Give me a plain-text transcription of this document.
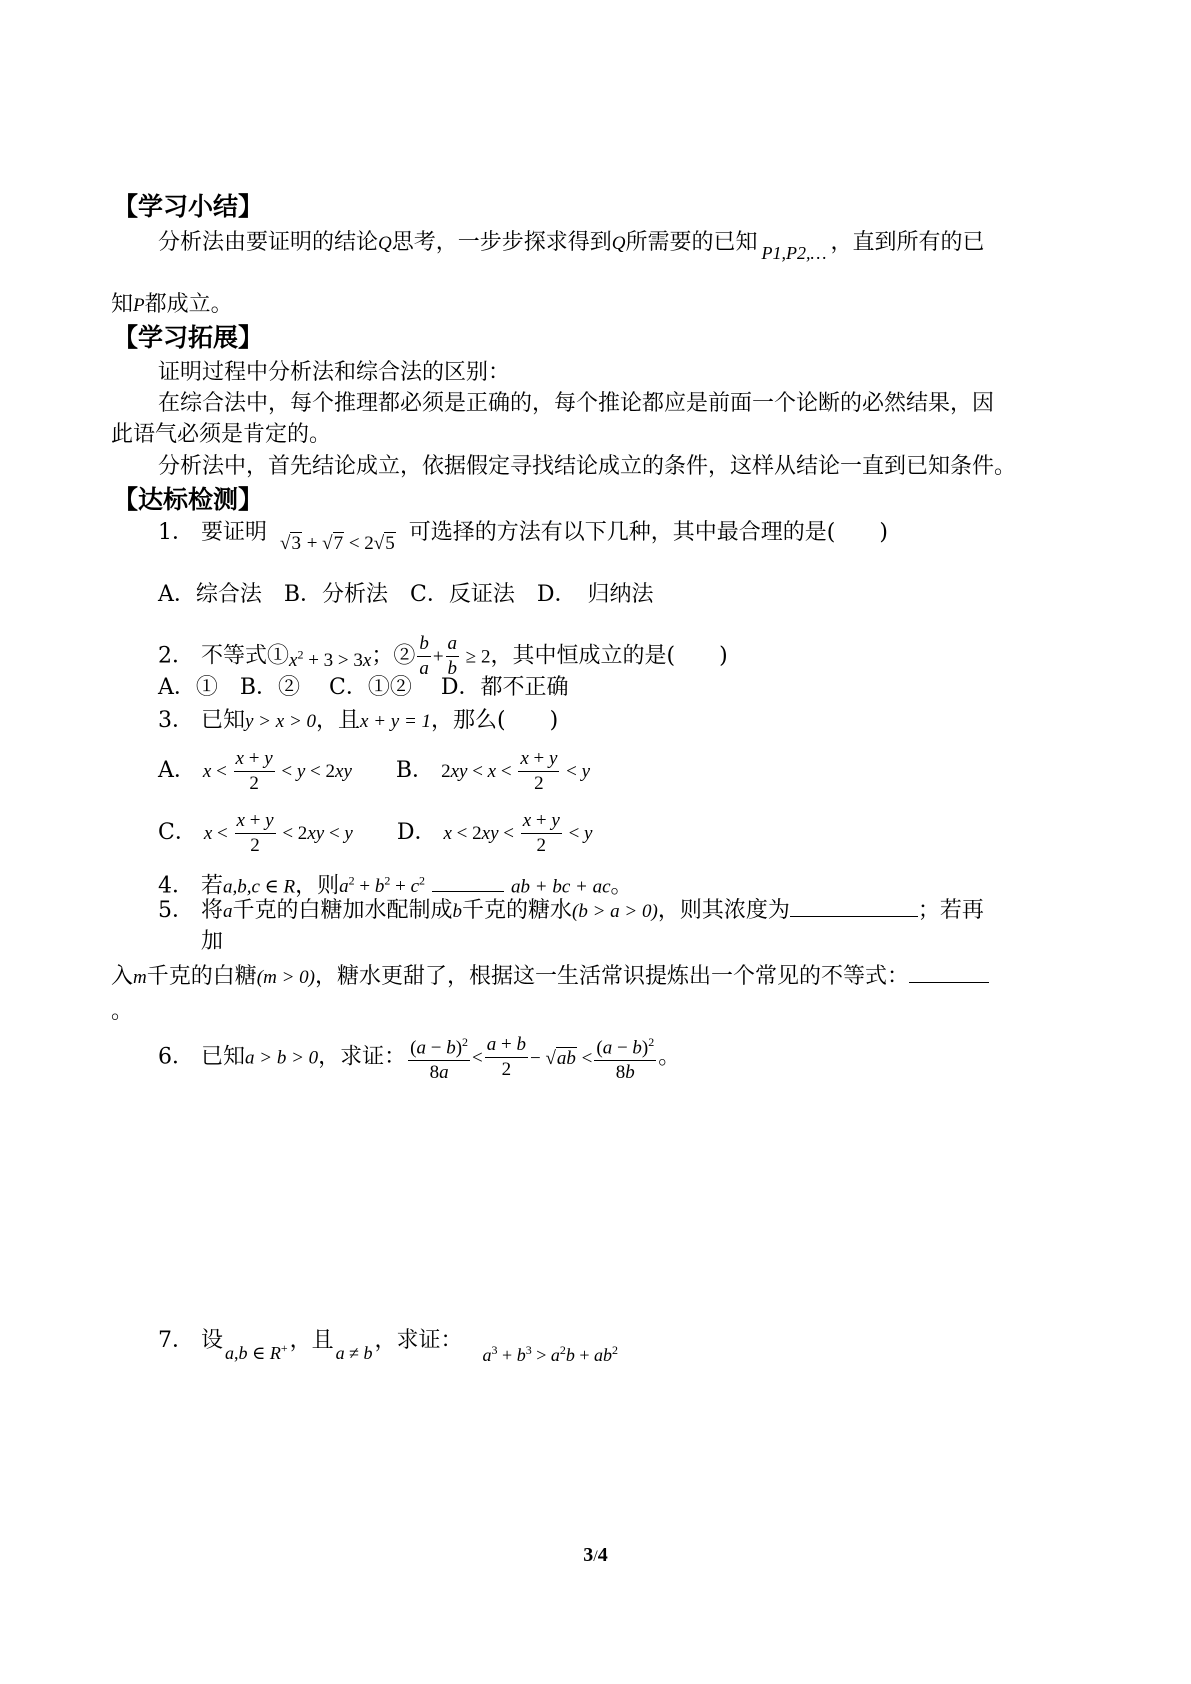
【学习小结】
分析法由要证明的结论Q思考，一步步探求得到Q所需要的已知 $_{P1,P2,\dots}$ ，直到所有的已
知P都成立。
【学习拓展】
证明过程中分析法和综合法的区别：
在综合法中，每个推理都必须是正确的，每个推论都应是前面一个论断的必然结果，因
此语气必须是肯定的。
分析法中，首先结论成立，依据假定寻找结论成立的条件，这样从结论一直到已知条件。
【达标检测】
1． 要证明 √3 + √7 < 2√5 可选择的方法有以下几种，其中最合理的是(　　)
A．综合法　B．分析法　C．反证法　D．　归纳法
2． 不等式$①x^2 + 3 > 3x$；② $\frac{b}{a} + \frac{a}{b} \ge 2$，其中恒成立的是(　　)
A．①　B．②　 C．①②　 D．都不正确
3． 已知y > x > 0，且x + y = 1，那么(　　)
A． $x < \frac{x + y}{2} < y < 2xy$ B． $2xy < x < \frac{x + y}{2} < y$
C． $x < \frac{x + y}{2} < 2xy < y$ D． $x < 2xy < \frac{x + y}{2} < y$
4． 若a,b,c ∈ R，则$a^2 + b^2 + c^2$	ab + bc + ac。
5． 将a千克的白糖加水配制成b千克的糖水(b > a > 0)，则其浓度为	；若再
加
入m千克的白糖(m > 0)，糖水更甜了，根据这一生活常识提炼出一个常见的不等式：
。
6． 已知a > b > 0，求证： $\frac{(a - b)^2}{8a} < \frac{a + b}{2} - √ab < \frac{(a - b)^2}{8b}$ 。
7． 设 $_{a,b \in R^+}$，且 $_{a \ne b}$，求证：$_{a^3 + b^3 > a^2b + ab^2}$
3/4
